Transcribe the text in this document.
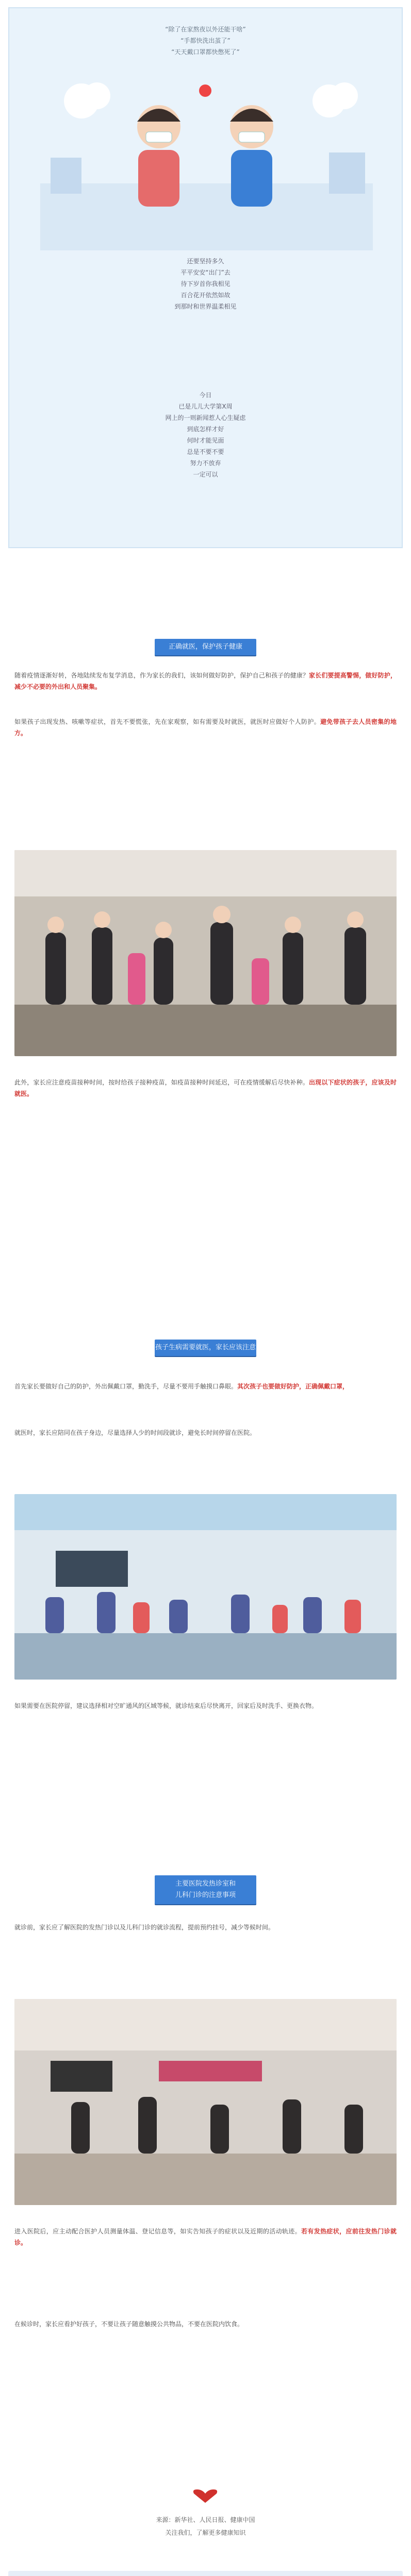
“除了在家熬夜以外还能干啥”
“手都快洗出茧了”
“天天戴口罩都快憋死了”
还要坚持多久
平平安安“出门”去
待下岁首你我相见
百合花开依然如故
到那时和世界温柔相见
今日
已是儿儿大学第X周
网上的一则新闻惹人心生疑虑
到底怎样才好
何时才能见面
总是不要不要
努力不放弃
一定可以
正确就医，保护孩子健康
随着疫情逐渐好转，各地陆续发布复学消息，作为家长的我们，该如何做好防护，保护自己和孩子的健康？家长们要提高警惕，做好防护，减少不必要的外出和人员聚集。
如果孩子出现发热、咳嗽等症状，首先不要慌张，先在家观察，如有需要及时就医，就医时应做好个人防护。避免带孩子去人员密集的地方。
此外，家长应注意疫苗接种时间，按时给孩子接种疫苗，如疫苗接种时间延迟，可在疫情缓解后尽快补种。出现以下症状的孩子，应该及时就医。
孩子生病需要就医，家长应该注意
首先家长要做好自己的防护，外出佩戴口罩，勤洗手，尽量不要用手触摸口鼻眼。其次孩子也要做好防护，正确佩戴口罩，
就医时，家长应陪同在孩子身边，尽量选择人少的时间段就诊，避免长时间停留在医院。
如果需要在医院停留，建议选择相对空旷通风的区域等候，就诊结束后尽快离开，回家后及时洗手、更换衣物。
主要医院发热诊室和
儿科门诊的注意事项
就诊前，家长应了解医院的发热门诊以及儿科门诊的就诊流程，提前预约挂号，减少等候时间。
进入医院后，应主动配合医护人员测量体温、登记信息等，如实告知孩子的症状以及近期的活动轨迹。若有发热症状，应前往发热门诊就诊。
在候诊时，家长应看护好孩子，不要让孩子随意触摸公共物品，不要在医院内饮食。
来源：新华社、人民日报、健康中国
关注我们，了解更多健康知识
